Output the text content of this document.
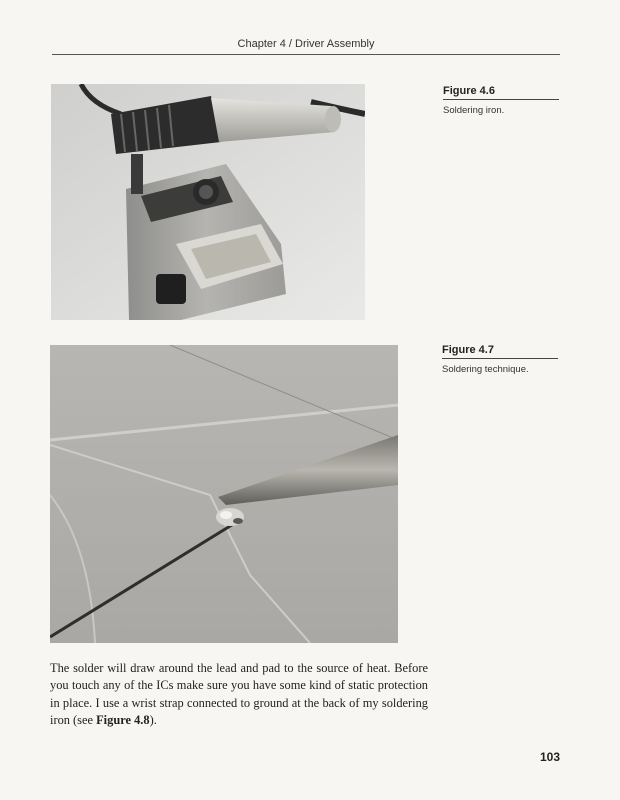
Chapter 4 / Driver Assembly
Figure 4.6
Soldering iron.
Figure 4.7
Soldering technique.
The solder will draw around the lead and pad to the source of heat. Before you touch any of the ICs make sure you have some kind of static protection in place. I use a wrist strap connected to ground at the back of my soldering iron (see Figure 4.8).
103
